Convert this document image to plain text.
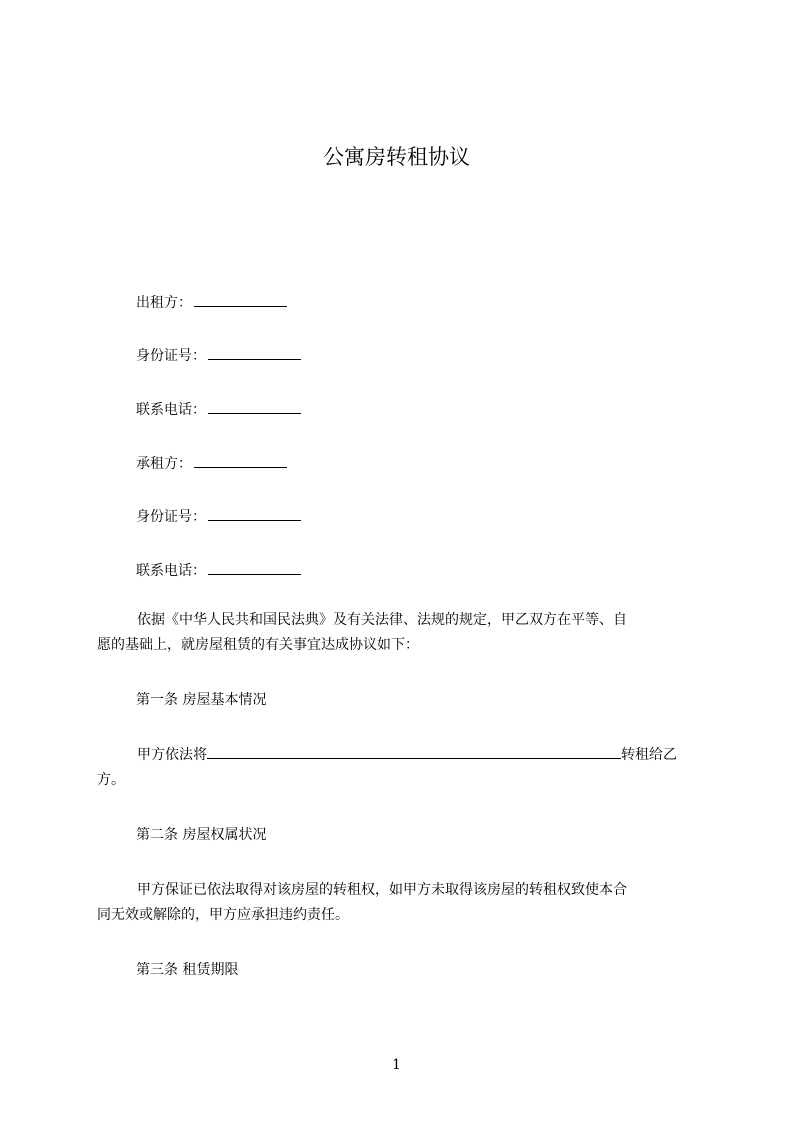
公寓房转租协议
出租方：
身份证号：
联系电话：
承租方：
身份证号：
联系电话：
依据《中华人民共和国民法典》及有关法律、法规的规定，甲乙双方在平等、自
愿的基础上，就房屋租赁的有关事宜达成协议如下：
第一条 房屋基本情况
甲方依法将	转租给乙
方。
第二条 房屋权属状况
甲方保证已依法取得对该房屋的转租权，如甲方未取得该房屋的转租权致使本合
同无效或解除的，甲方应承担违约责任。
第三条 租赁期限
1
